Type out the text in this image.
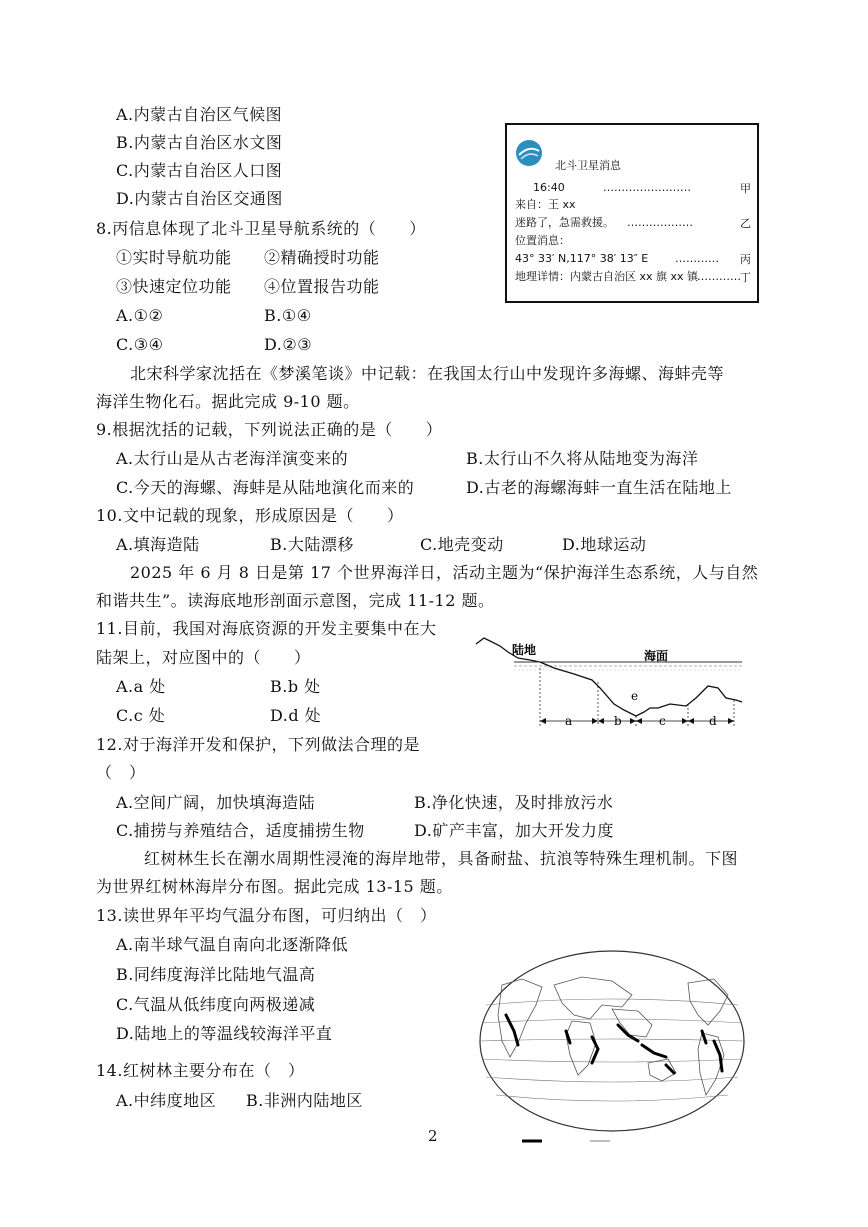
A.内蒙古自治区气候图
B.内蒙古自治区水文图
C.内蒙古自治区人口图
D.内蒙古自治区交通图
北斗卫星消息
16:40	……………………	甲
来自：王 xx
迷路了，急需救援。	………………	乙
位置消息：
43° 33′ N,117° 38′ 13″ E	…………	丙
地理详情：内蒙古自治区 xx 旗 xx 镇
………… 丁
8.丙信息体现了北斗卫星导航系统的（　　）
①实时导航功能 ②精确授时功能
③快速定位功能 ④位置报告功能
A.①②	B.①④
C.③④	D.②③
北宋科学家沈括在《梦溪笔谈》中记载：在我国太行山中发现许多海螺、海蚌壳等
海洋生物化石。据此完成 9-10 题。
9.根据沈括的记载，下列说法正确的是（　　）
A.太行山是从古老海洋演变来的	B.太行山不久将从陆地变为海洋
C.今天的海螺、海蚌是从陆地演化而来的	D.古老的海螺海蚌一直生活在陆地上
10.文中记载的现象，形成原因是（　　）
A.填海造陆	B.大陆漂移	C.地壳变动	D.地球运动
2025 年 6 月 8 日是第 17 个世界海洋日，活动主题为“保护海洋生态系统，人与自然
和谐共生”。读海底地形剖面示意图，完成 11-12 题。
11.目前，我国对海底资源的开发主要集中在大
陆架上，对应图中的（　　）
A.a 处	B.b 处
C.c 处	D.d 处
陆地	海面
a	b	c	d
e
12.对于海洋开发和保护，下列做法合理的是
（　）
A.空间广阔，加快填海造陆	B.净化快速，及时排放污水
C.捕捞与养殖结合，适度捕捞生物	D.矿产丰富，加大开发力度
红树林生长在潮水周期性浸淹的海岸地带，具备耐盐、抗浪等特殊生理机制。下图
为世界红树林海岸分布图。据此完成 13-15 题。
13.读世界年平均气温分布图，可归纳出（　）
A.南半球气温自南向北逐渐降低
B.同纬度海洋比陆地气温高
C.气温从低纬度向两极递减
D.陆地上的等温线较海洋平直
14.红树林主要分布在（　）
A.中纬度地区 B.非洲内陆地区
2
